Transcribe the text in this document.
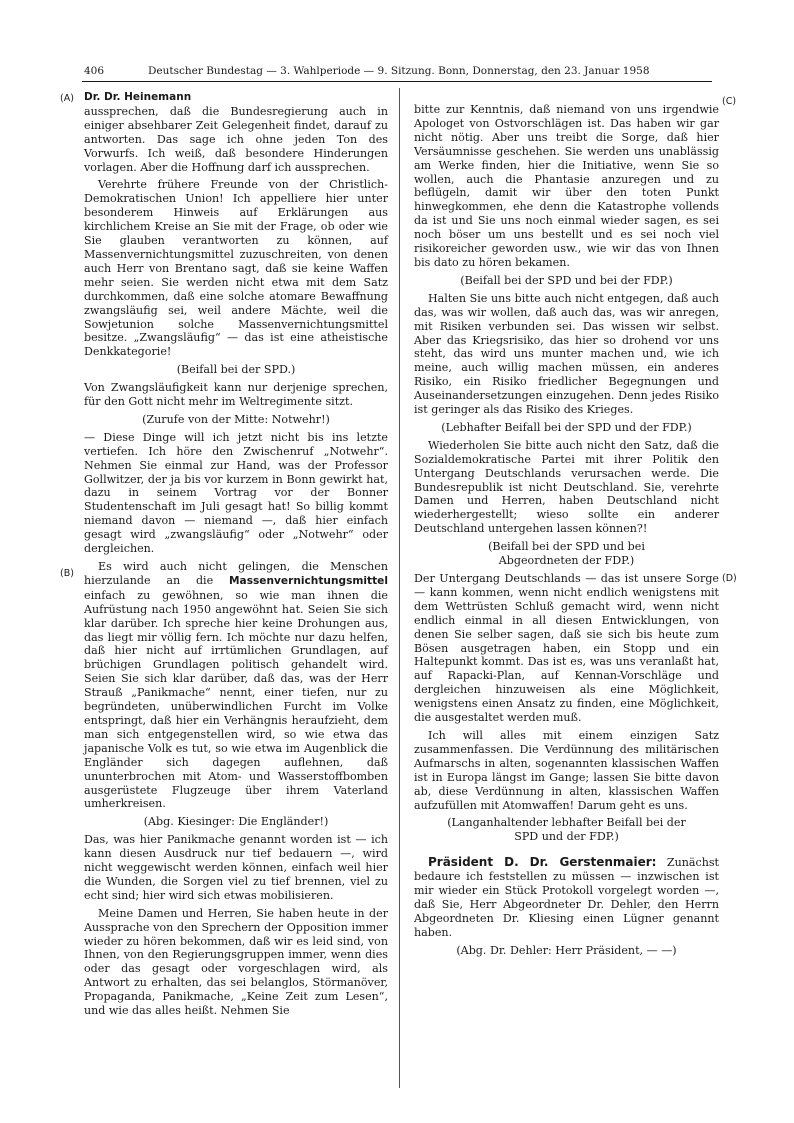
406	Deutscher Bundestag — 3. Wahlperiode — 9. Sitzung. Bonn, Donnerstag, den 23. Januar 1958
(A)
(B)
(C)
(D)

Dr. Dr. Heinemann

aussprechen, daß die Bundesregierung auch in einiger absehbarer Zeit Gelegenheit findet, darauf zu antworten. Das sage ich ohne jeden Ton des Vorwurfs. Ich weiß, daß besondere Hinderungen vorlagen. Aber die Hoffnung darf ich aussprechen.

Verehrte frühere Freunde von der Christlich-Demokratischen Union! Ich appelliere hier unter besonderem Hinweis auf Erklärungen aus kirchlichem Kreise an Sie mit der Frage, ob oder wie Sie glauben verantworten zu können, auf Massenvernichtungsmittel zuzuschreiten, von denen auch Herr von Brentano sagt, daß sie keine Waffen mehr seien. Sie werden nicht etwa mit dem Satz durchkommen, daß eine solche atomare Bewaffnung zwangsläufig sei, weil andere Mächte, weil die Sowjetunion solche Massenvernichtungsmittel besitze. „Zwangsläufig“ — das ist eine atheistische Denkkategorie!

(Beifall bei der SPD.)

Von Zwangsläufigkeit kann nur derjenige sprechen, für den Gott nicht mehr im Weltregimente sitzt.

(Zurufe von der Mitte: Notwehr!)

— Diese Dinge will ich jetzt nicht bis ins letzte vertiefen. Ich höre den Zwischenruf „Notwehr“. Nehmen Sie einmal zur Hand, was der Professor Gollwitzer, der ja bis vor kurzem in Bonn gewirkt hat, dazu in seinem Vortrag vor der Bonner Studentenschaft im Juli gesagt hat! So billig kommt niemand davon — niemand —, daß hier einfach gesagt wird „zwangsläufig“ oder „Notwehr“ oder dergleichen.

Es wird auch nicht gelingen, die Menschen hierzulande an die Massenvernichtungsmittel einfach zu gewöhnen, so wie man ihnen die Aufrüstung nach 1950 angewöhnt hat. Seien Sie sich klar darüber. Ich spreche hier keine Drohungen aus, das liegt mir völlig fern. Ich möchte nur dazu helfen, daß hier nicht auf irrtümlichen Grundlagen, auf brüchigen Grundlagen politisch gehandelt wird. Seien Sie sich klar darüber, daß das, was der Herr Strauß „Panikmache“ nennt, einer tiefen, nur zu begründeten, unüberwindlichen Furcht im Volke entspringt, daß hier ein Verhängnis heraufzieht, dem man sich entgegenstellen wird, so wie etwa das japanische Volk es tut, so wie etwa im Augenblick die Engländer sich dagegen auflehnen, daß ununterbrochen mit Atom- und Wasserstoffbomben ausgerüstete Flugzeuge über ihrem Vaterland umherkreisen.

(Abg. Kiesinger: Die Engländer!)

Das, was hier Panikmache genannt worden ist — ich kann diesen Ausdruck nur tief bedauern —, wird nicht weggewischt werden können, einfach weil hier die Wunden, die Sorgen viel zu tief brennen, viel zu echt sind; hier wird sich etwas mobilisieren.

Meine Damen und Herren, Sie haben heute in der Aussprache von den Sprechern der Opposition immer wieder zu hören bekommen, daß wir es leid sind, von Ihnen, von den Regierungsgruppen immer, wenn dies oder das gesagt oder vorgeschlagen wird, als Antwort zu erhalten, das sei belanglos, Störmanöver, Propaganda, Panikmache, „Keine Zeit zum Lesen“, und wie das alles heißt. Nehmen Sie

bitte zur Kenntnis, daß niemand von uns irgendwie Apologet von Ostvorschlägen ist. Das haben wir gar nicht nötig. Aber uns treibt die Sorge, daß hier Versäumnisse geschehen. Sie werden uns unablässig am Werke finden, hier die Initiative, wenn Sie so wollen, auch die Phantasie anzuregen und zu beflügeln, damit wir über den toten Punkt hinwegkommen, ehe denn die Katastrophe vollends da ist und Sie uns noch einmal wieder sagen, es sei noch böser um uns bestellt und es sei noch viel risikoreicher geworden usw., wie wir das von Ihnen bis dato zu hören bekamen.

(Beifall bei der SPD und bei der FDP.)

Halten Sie uns bitte auch nicht entgegen, daß auch das, was wir wollen, daß auch das, was wir anregen, mit Risiken verbunden sei. Das wissen wir selbst. Aber das Kriegsrisiko, das hier so drohend vor uns steht, das wird uns munter machen und, wie ich meine, auch willig machen müssen, ein anderes Risiko, ein Risiko friedlicher Begegnungen und Auseinandersetzungen einzugehen. Denn jedes Risiko ist geringer als das Risiko des Krieges.

(Lebhafter Beifall bei der SPD und der FDP.)

Wiederholen Sie bitte auch nicht den Satz, daß die Sozialdemokratische Partei mit ihrer Politik den Untergang Deutschlands verursachen werde. Die Bundesrepublik ist nicht Deutschland. Sie, verehrte Damen und Herren, haben Deutschland nicht wiederhergestellt; wieso sollte ein anderer Deutschland untergehen lassen können?!

(Beifall bei der SPD und bei Abgeordneten der FDP.)

Der Untergang Deutschlands — das ist unsere Sorge — kann kommen, wenn nicht endlich wenigstens mit dem Wettrüsten Schluß gemacht wird, wenn nicht endlich einmal in all diesen Entwicklungen, von denen Sie selber sagen, daß sie sich bis heute zum Bösen ausgetragen haben, ein Stopp und ein Haltepunkt kommt. Das ist es, was uns veranlaßt hat, auf Rapacki-Plan, auf Kennan-Vorschläge und dergleichen hinzuweisen als eine Möglichkeit, wenigstens einen Ansatz zu finden, eine Möglichkeit, die ausgestaltet werden muß.

Ich will alles mit einem einzigen Satz zusammenfassen. Die Verdünnung des militärischen Aufmarschs in alten, sogenannten klassischen Waffen ist in Europa längst im Gange; lassen Sie bitte davon ab, diese Verdünnung in alten, klassischen Waffen aufzufüllen mit Atomwaffen! Darum geht es uns.

(Langanhaltender lebhafter Beifall bei der SPD und der FDP.)

Präsident D. Dr. Gerstenmaier: Zunächst bedaure ich feststellen zu müssen — inzwischen ist mir wieder ein Stück Protokoll vorgelegt worden —, daß Sie, Herr Abgeordneter Dr. Dehler, den Herrn Abgeordneten Dr. Kliesing einen Lügner genannt haben.

(Abg. Dr. Dehler: Herr Präsident, — —)
